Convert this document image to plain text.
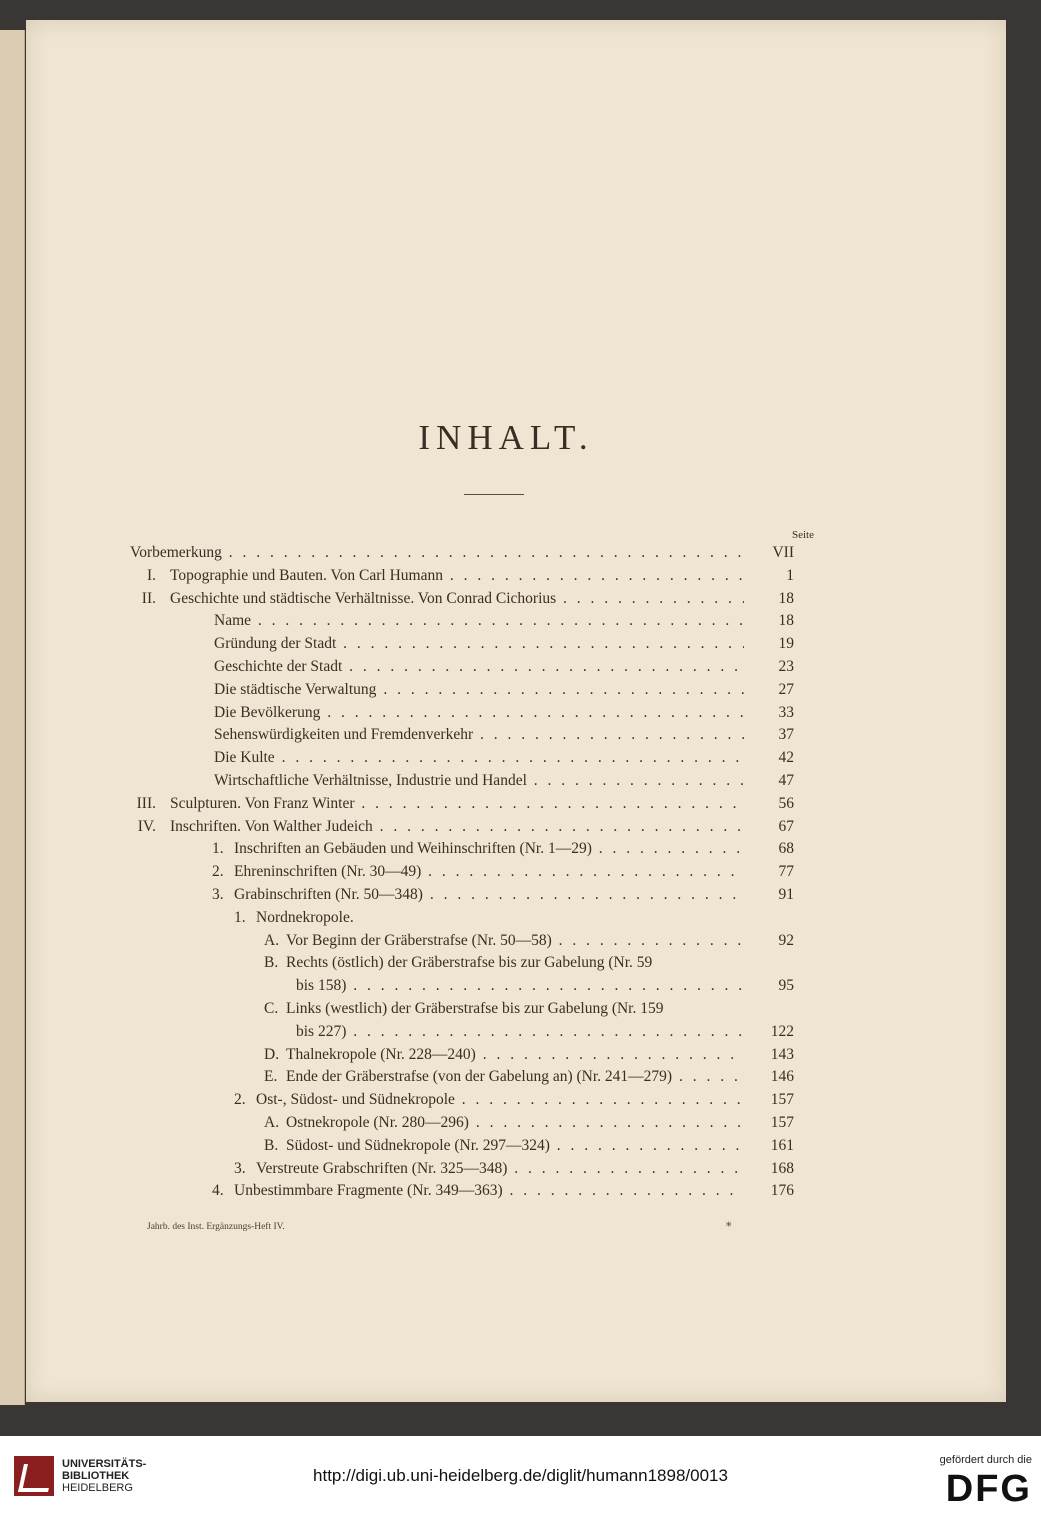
INHALT.
Seite
Vorbemerkung . . .	VII
I. Topographie und Bauten. Von Carl Humann . . .	1
II. Geschichte und städtische Verhältnisse. Von Conrad Cichorius . . .	18
Name . . .	18
Gründung der Stadt . . .	19
Geschichte der Stadt . . .	23
Die städtische Verwaltung . . .	27
Die Bevölkerung . . .	33
Sehenswürdigkeiten und Fremdenverkehr . . .	37
Die Kulte . . .	42
Wirtschaftliche Verhältnisse, Industrie und Handel . . .	47
III. Sculpturen. Von Franz Winter . . .	56
IV. Inschriften. Von Walther Judeich . . .	67
1. Inschriften an Gebäuden und Weihinschriften (Nr. 1—29) . . .	68
2. Ehreninschriften (Nr. 30—49) . . .	77
3. Grabinschriften (Nr. 50—348) . . .	91
1. Nordnekropole.
A. Vor Beginn der Gräberstrafse (Nr. 50—58) . . .	92
B. Rechts (östlich) der Gräberstrafse bis zur Gabelung (Nr. 59
bis 158) . . .	95
C. Links (westlich) der Gräberstrafse bis zur Gabelung (Nr. 159
bis 227) . . .	122
D. Thalnekropole (Nr. 228—240) . . .	143
E. Ende der Gräberstrafse (von der Gabelung an) (Nr. 241—279) . . .	146
2. Ost-, Südost- und Südnekropole . . .	157
A. Ostnekropole (Nr. 280—296) . . .	157
B. Südost- und Südnekropole (Nr. 297—324) . . .	161
3. Verstreute Grabschriften (Nr. 325—348) . . .	168
4. Unbestimmbare Fragmente (Nr. 349—363) . . .	176
Jahrb. des Inst. Ergänzungs-Heft IV.	*
UNIVERSITÄTS-
BIBLIOTHEK
HEIDELBERG
http://digi.ub.uni-heidelberg.de/diglit/humann1898/0013
gefördert durch die
DFG
